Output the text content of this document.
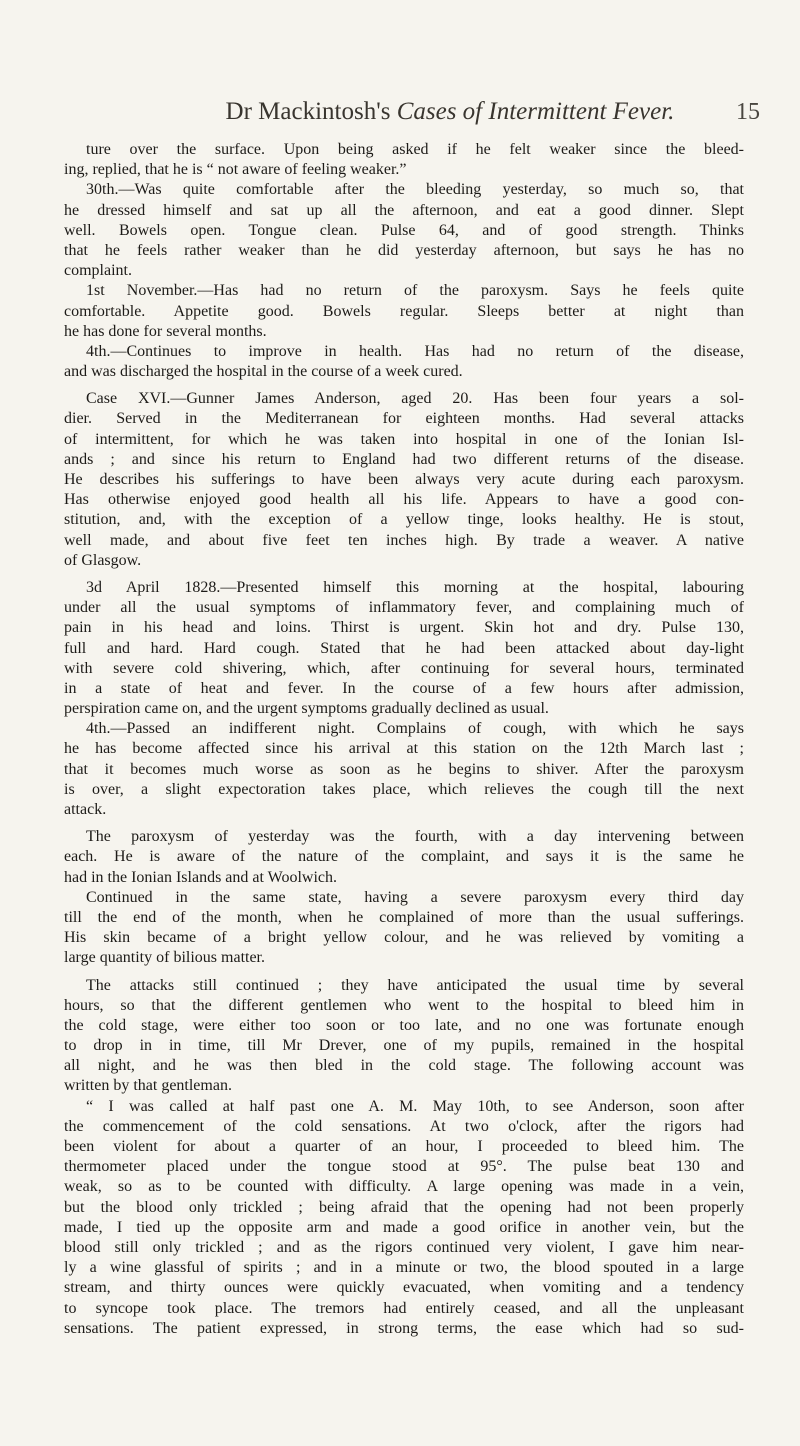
Dr Mackintosh's Cases of Intermittent Fever.	15
ture over the surface. Upon being asked if he felt weaker since the bleed-
ing, replied, that he is “ not aware of feeling weaker.”
30th.—Was quite comfortable after the bleeding yesterday, so much so, that
he dressed himself and sat up all the afternoon, and eat a good dinner. Slept
well. Bowels open. Tongue clean. Pulse 64, and of good strength. Thinks
that he feels rather weaker than he did yesterday afternoon, but says he has no
complaint.
1st November.—Has had no return of the paroxysm. Says he feels quite
comfortable. Appetite good. Bowels regular. Sleeps better at night than
he has done for several months.
4th.—Continues to improve in health. Has had no return of the disease,
and was discharged the hospital in the course of a week cured.
Case XVI.—Gunner James Anderson, aged 20. Has been four years a sol-
dier. Served in the Mediterranean for eighteen months. Had several attacks
of intermittent, for which he was taken into hospital in one of the Ionian Isl-
ands ; and since his return to England had two different returns of the disease.
He describes his sufferings to have been always very acute during each paroxysm.
Has otherwise enjoyed good health all his life. Appears to have a good con-
stitution, and, with the exception of a yellow tinge, looks healthy. He is stout,
well made, and about five feet ten inches high. By trade a weaver. A native
of Glasgow.
3d April 1828.—Presented himself this morning at the hospital, labouring
under all the usual symptoms of inflammatory fever, and complaining much of
pain in his head and loins. Thirst is urgent. Skin hot and dry. Pulse 130,
full and hard. Hard cough. Stated that he had been attacked about day-light
with severe cold shivering, which, after continuing for several hours, terminated
in a state of heat and fever. In the course of a few hours after admission,
perspiration came on, and the urgent symptoms gradually declined as usual.
4th.—Passed an indifferent night. Complains of cough, with which he says
he has become affected since his arrival at this station on the 12th March last ;
that it becomes much worse as soon as he begins to shiver. After the paroxysm
is over, a slight expectoration takes place, which relieves the cough till the next
attack.
The paroxysm of yesterday was the fourth, with a day intervening between
each. He is aware of the nature of the complaint, and says it is the same he
had in the Ionian Islands and at Woolwich.
Continued in the same state, having a severe paroxysm every third day
till the end of the month, when he complained of more than the usual sufferings.
His skin became of a bright yellow colour, and he was relieved by vomiting a
large quantity of bilious matter.
The attacks still continued ; they have anticipated the usual time by several
hours, so that the different gentlemen who went to the hospital to bleed him in
the cold stage, were either too soon or too late, and no one was fortunate enough
to drop in in time, till Mr Drever, one of my pupils, remained in the hospital
all night, and he was then bled in the cold stage. The following account was
written by that gentleman.
“ I was called at half past one A. M. May 10th, to see Anderson, soon after
the commencement of the cold sensations. At two o'clock, after the rigors had
been violent for about a quarter of an hour, I proceeded to bleed him. The
thermometer placed under the tongue stood at 95°. The pulse beat 130 and
weak, so as to be counted with difficulty. A large opening was made in a vein,
but the blood only trickled ; being afraid that the opening had not been properly
made, I tied up the opposite arm and made a good orifice in another vein, but the
blood still only trickled ; and as the rigors continued very violent, I gave him near-
ly a wine glassful of spirits ; and in a minute or two, the blood spouted in a large
stream, and thirty ounces were quickly evacuated, when vomiting and a tendency
to syncope took place. The tremors had entirely ceased, and all the unpleasant
sensations. The patient expressed, in strong terms, the ease which had so sud-
